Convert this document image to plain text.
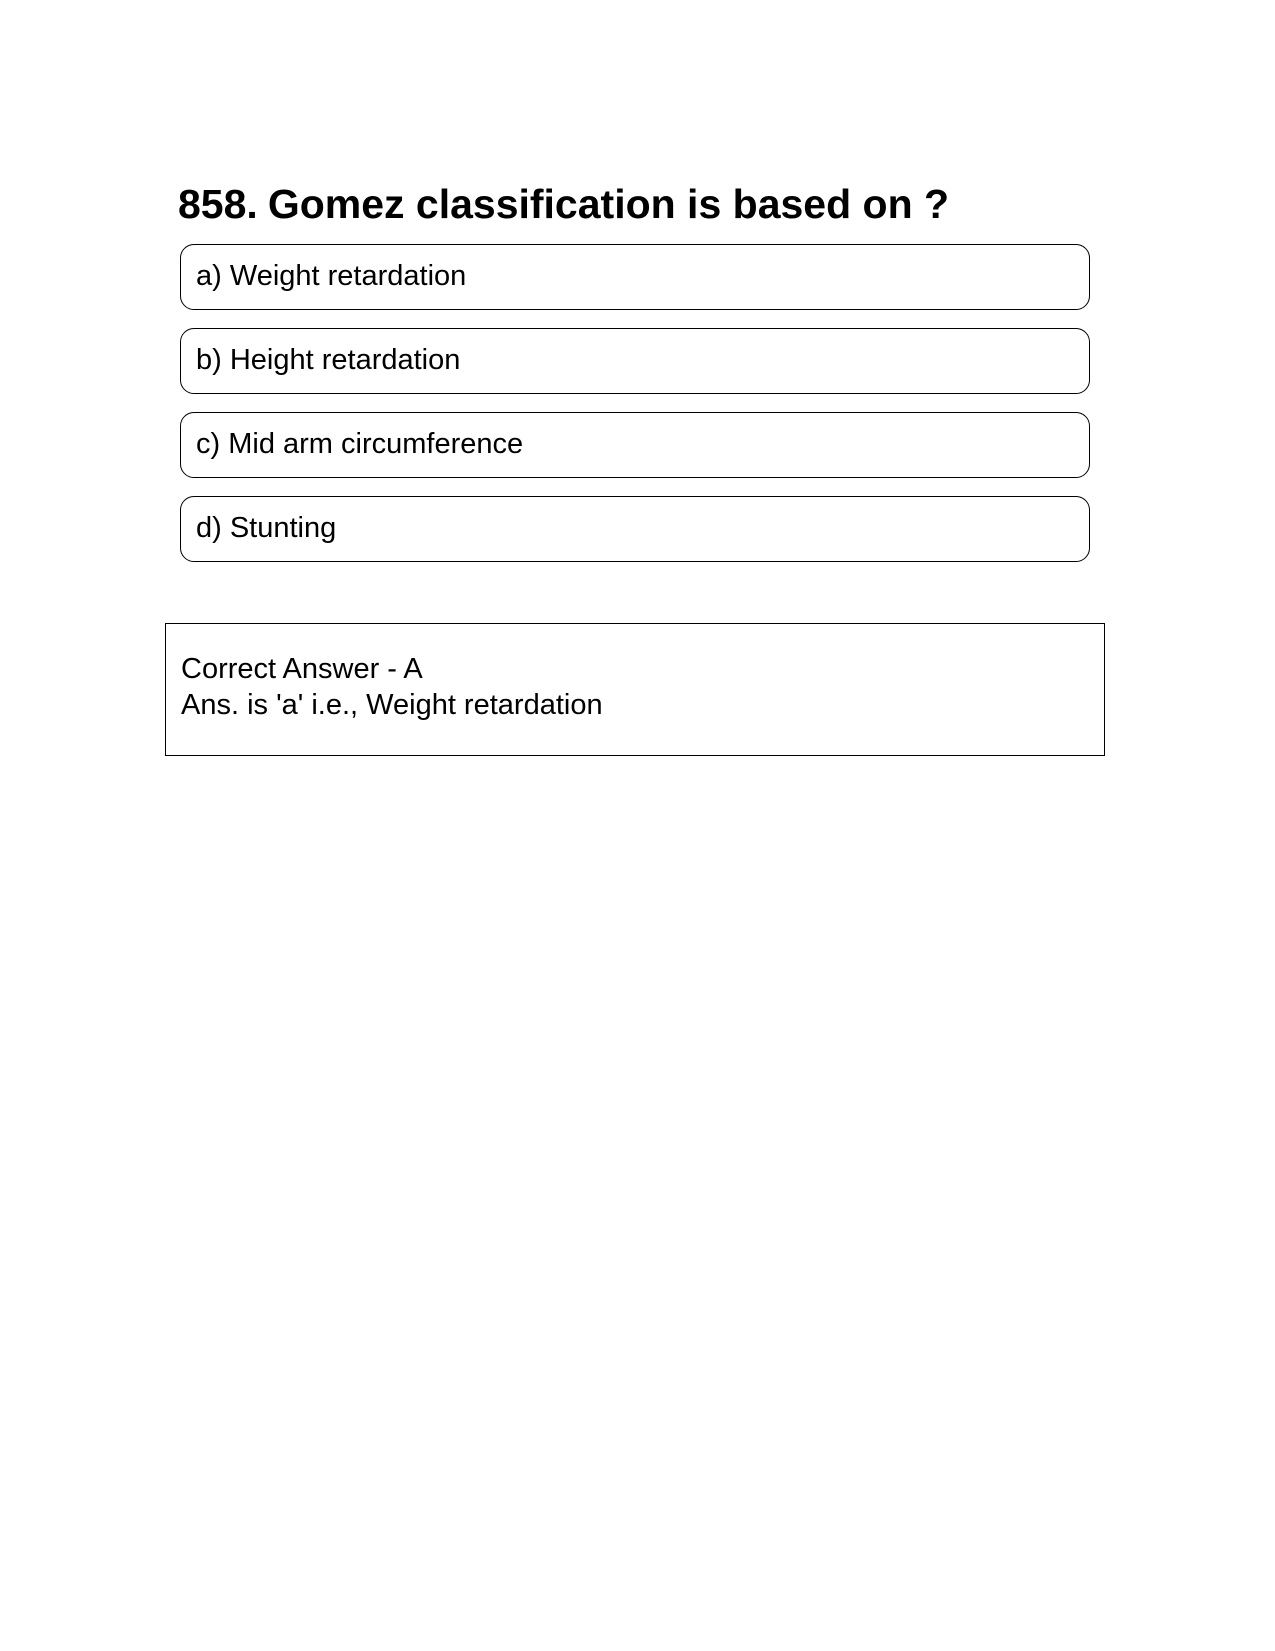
858. Gomez classification is based on ?
a) Weight retardation
b) Height retardation
c) Mid arm circumference
d) Stunting
Correct Answer - A
Ans. is 'a' i.e., Weight retardation
